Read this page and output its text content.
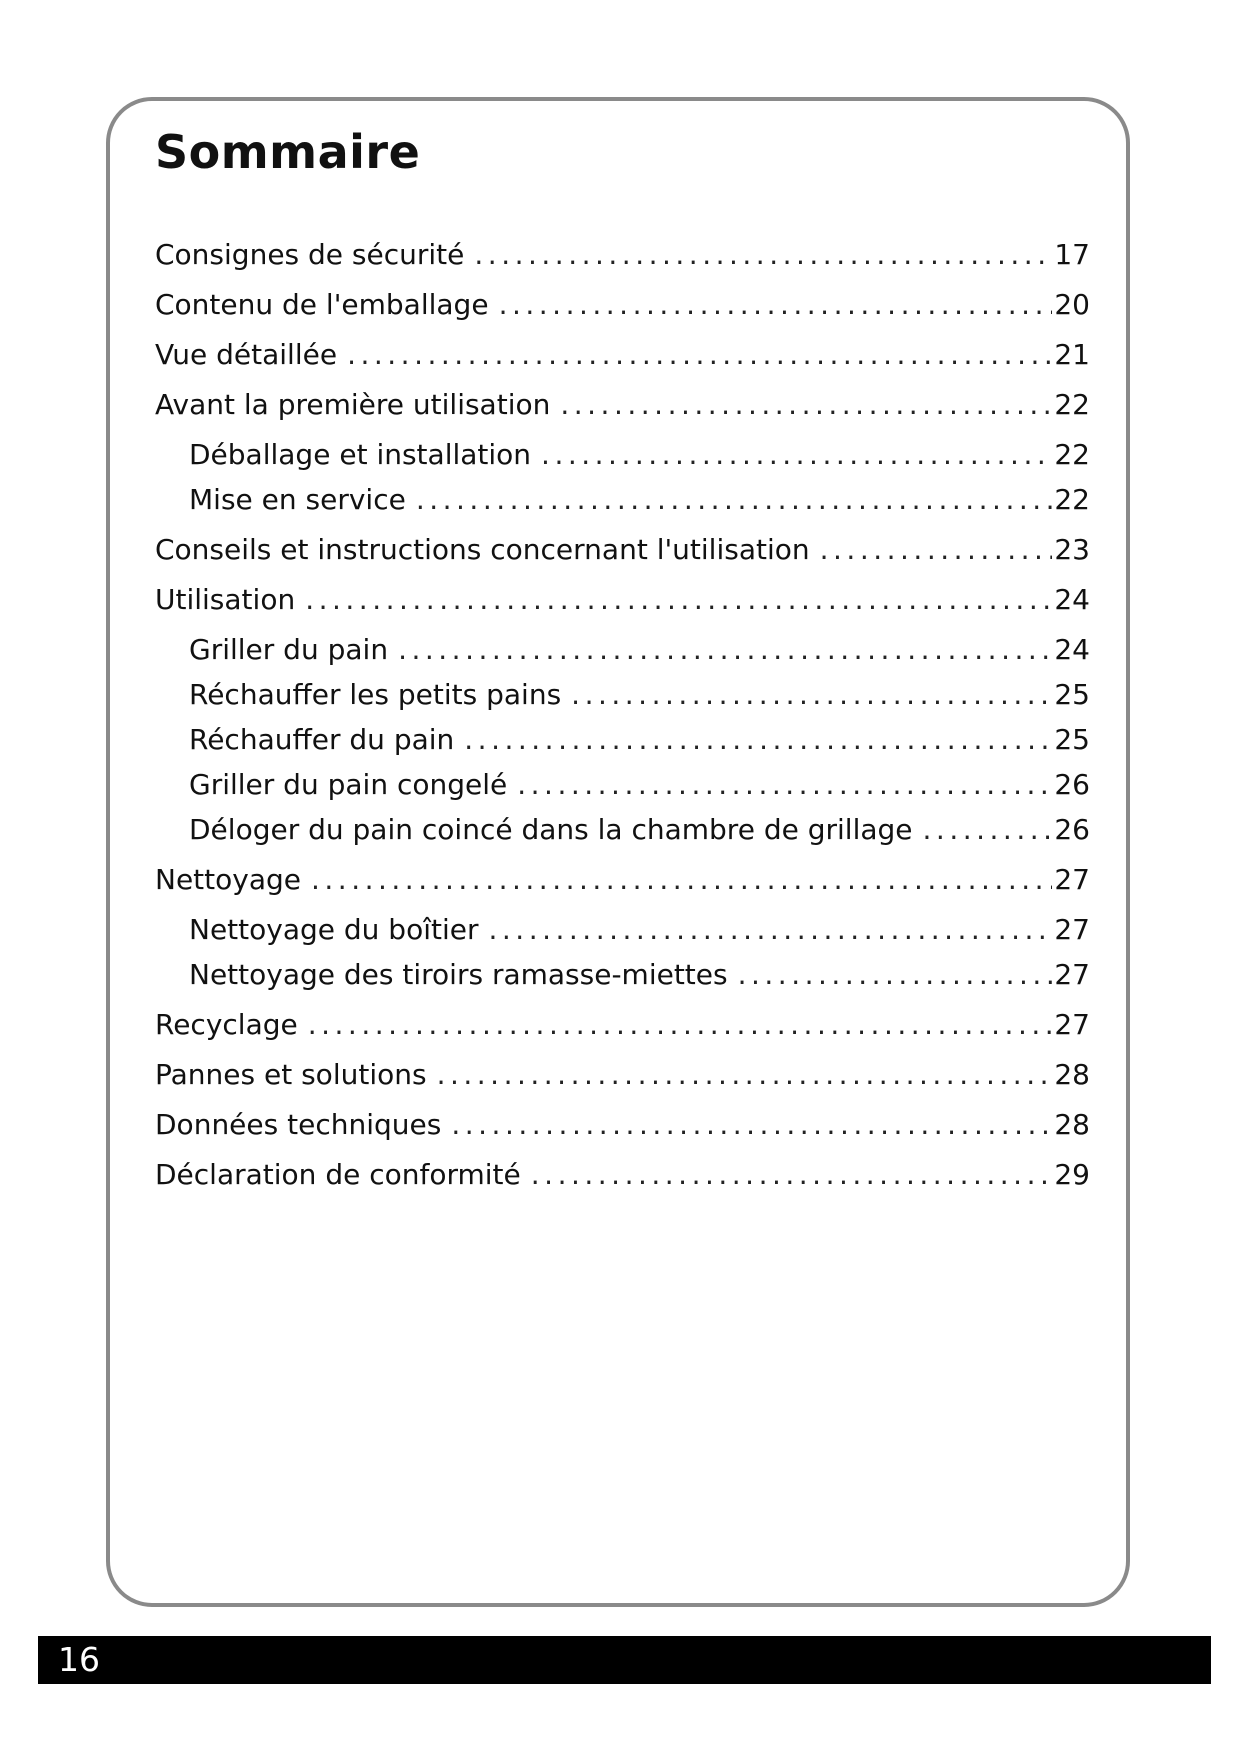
Sommaire
Consignes de sécurité .....	17
Contenu de l'emballage .....	20
Vue détaillée .....	21
Avant la première utilisation .....	22
Déballage et installation .....	22
Mise en service .....	22
Conseils et instructions concernant l'utilisation .....	23
Utilisation .....	24
Griller du pain .....	24
Réchauffer les petits pains .....	25
Réchauffer du pain .....	25
Griller du pain congelé .....	26
Déloger du pain coincé dans la chambre de grillage .....	26
Nettoyage .....	27
Nettoyage du boîtier .....	27
Nettoyage des tiroirs ramasse-miettes .....	27
Recyclage .....	27
Pannes et solutions .....	28
Données techniques .....	28
Déclaration de conformité .....	29
16
